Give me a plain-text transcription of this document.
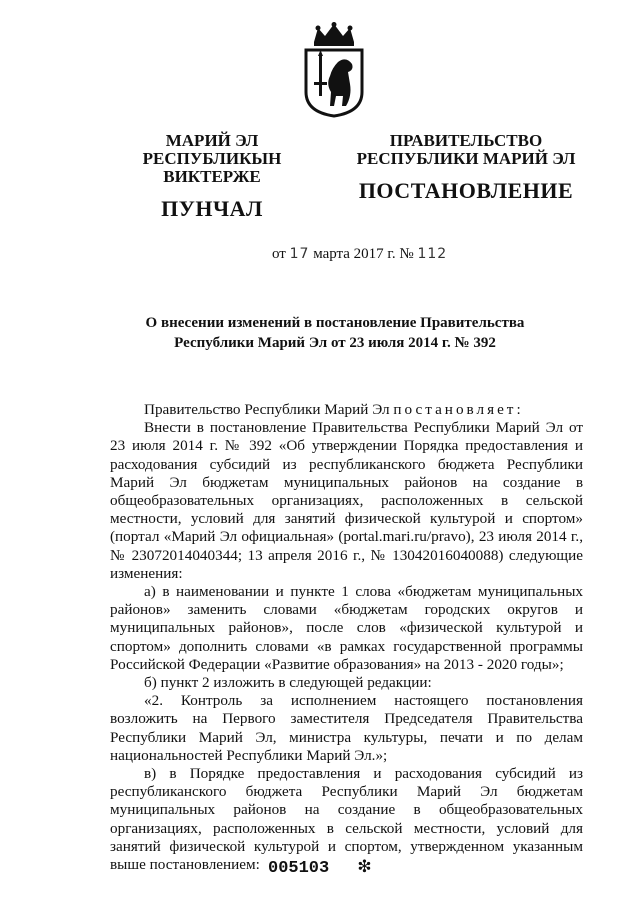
МАРИЙ ЭЛ РЕСПУБЛИКЫН
ВИКТЕРЖЕ
ПУНЧАЛ
ПРАВИТЕЛЬСТВО
РЕСПУБЛИКИ МАРИЙ ЭЛ
ПОСТАНОВЛЕНИЕ
от 17 марта 2017 г. № 112
О внесении изменений в постановление Правительства
Республики Марий Эл от 23 июля 2014 г. № 392

Правительство Республики Марий Эл постановляет:

Внести в постановление Правительства Республики Марий Эл от 23 июля 2014 г. № 392 «Об утверждении Порядка предоставления и расходования субсидий из республиканского бюджета Республики Марий Эл бюджетам муниципальных районов на создание в общеобразовательных организациях, расположенных в сельской местности, условий для занятий физической культурой и спортом» (портал «Марий Эл официальная» (portal.mari.ru/pravo), 23 июля 2014 г., № 23072014040344; 13 апреля 2016 г., № 13042016040088) следующие изменения:

а) в наименовании и пункте 1 слова «бюджетам муниципальных районов» заменить словами «бюджетам городских округов и муниципальных районов», после слов «физической культурой и спортом» дополнить словами «в рамках государственной программы Российской Федерации «Развитие образования» на 2013 - 2020 годы»;

б) пункт 2 изложить в следующей редакции:

«2. Контроль за исполнением настоящего постановления возложить на Первого заместителя Председателя Правительства Республики Марий Эл, министра культуры, печати и по делам национальностей Республики Марий Эл.»;

в) в Порядке предоставления и расходования субсидий из республиканского бюджета Республики Марий Эл бюджетам муниципальных районов на создание в общеобразовательных организациях, расположенных в сельской местности, условий для занятий физической культурой и спортом, утвержденном указанным выше постановлением: 005103 ❇
